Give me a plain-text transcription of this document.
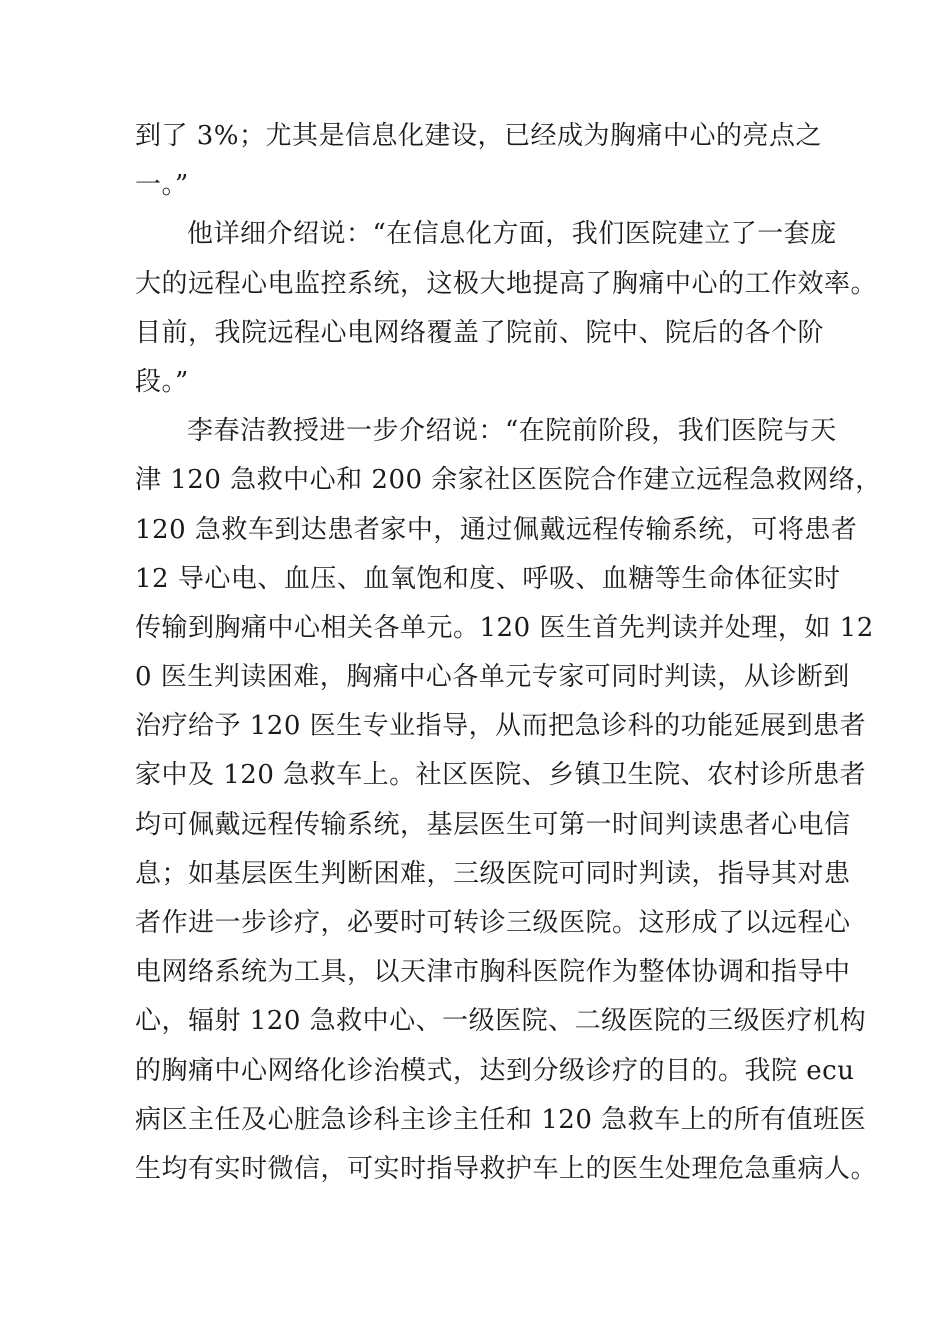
到了 3%；尤其是信息化建设，已经成为胸痛中心的亮点之
一。”
他详细介绍说：“在信息化方面，我们医院建立了一套庞
大的远程心电监控系统，这极大地提高了胸痛中心的工作效率。
目前，我院远程心电网络覆盖了院前、院中、院后的各个阶
段。”
李春洁教授进一步介绍说：“在院前阶段，我们医院与天
津 120 急救中心和 200 余家社区医院合作建立远程急救网络，
120 急救车到达患者家中，通过佩戴远程传输系统，可将患者
12 导心电、血压、血氧饱和度、呼吸、血糖等生命体征实时
传输到胸痛中心相关各单元。120 医生首先判读并处理，如 12
0 医生判读困难，胸痛中心各单元专家可同时判读，从诊断到
治疗给予 120 医生专业指导，从而把急诊科的功能延展到患者
家中及 120 急救车上。社区医院、乡镇卫生院、农村诊所患者
均可佩戴远程传输系统，基层医生可第一时间判读患者心电信
息；如基层医生判断困难，三级医院可同时判读，指导其对患
者作进一步诊疗，必要时可转诊三级医院。这形成了以远程心
电网络系统为工具，以天津市胸科医院作为整体协调和指导中
心，辐射 120 急救中心、一级医院、二级医院的三级医疗机构
的胸痛中心网络化诊治模式，达到分级诊疗的目的。我院 ecu
病区主任及心脏急诊科主诊主任和 120 急救车上的所有值班医
生均有实时微信，可实时指导救护车上的医生处理危急重病人。
